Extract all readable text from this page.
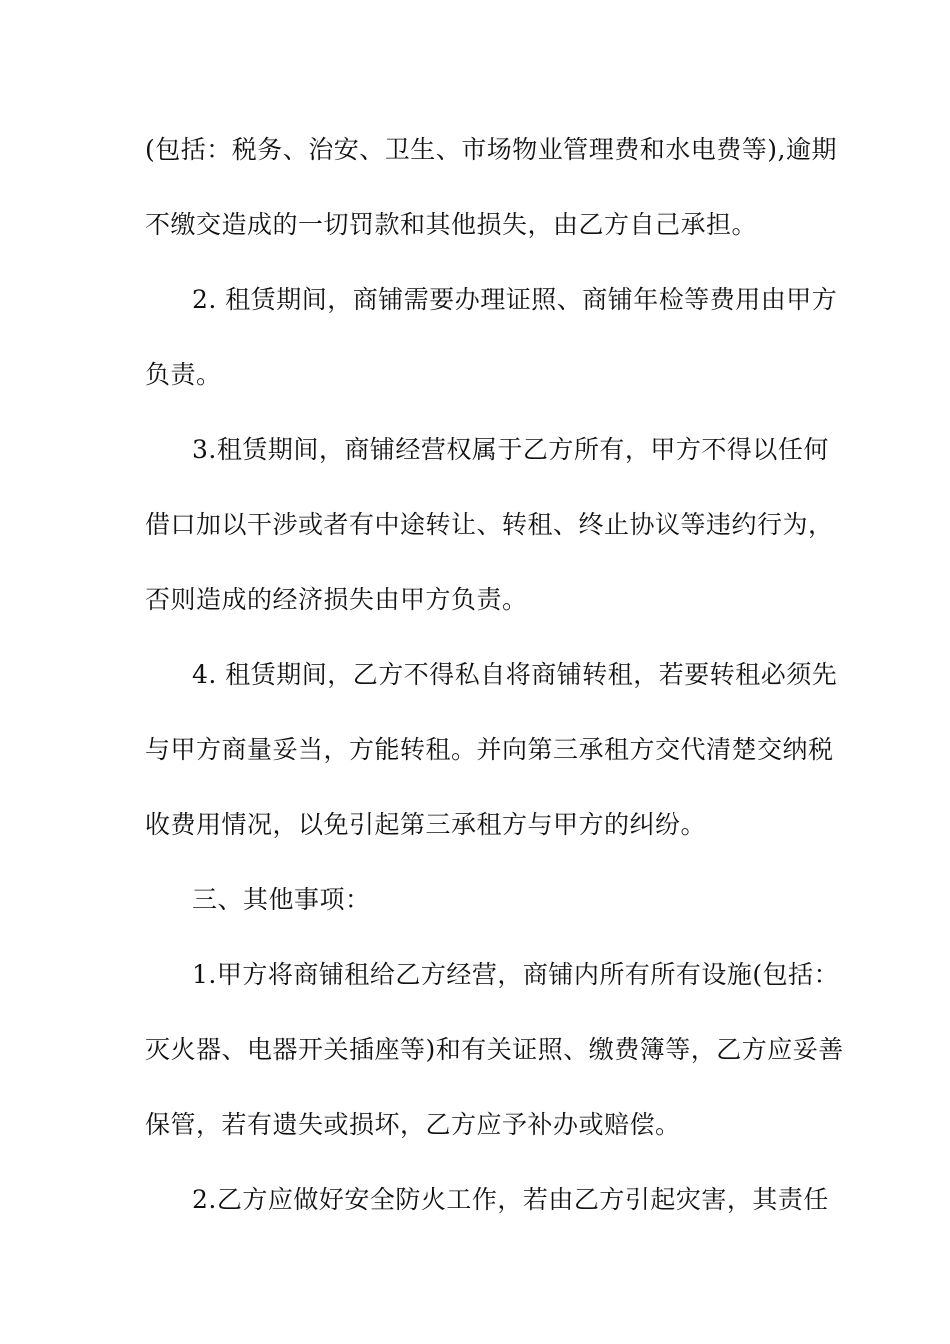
(包括：税务、治安、卫生、市场物业管理费和水电费等),逾期
不缴交造成的一切罚款和其他损失，由乙方自己承担。
2. 租赁期间，商铺需要办理证照、商铺年检等费用由甲方
负责。
3.租赁期间，商铺经营权属于乙方所有，甲方不得以任何
借口加以干涉或者有中途转让、转租、终止协议等违约行为，
否则造成的经济损失由甲方负责。
4. 租赁期间，乙方不得私自将商铺转租，若要转租必须先
与甲方商量妥当，方能转租。并向第三承租方交代清楚交纳税
收费用情况，以免引起第三承租方与甲方的纠纷。
三、其他事项：
1.甲方将商铺租给乙方经营，商铺内所有所有设施(包括：
灭火器、电器开关插座等)和有关证照、缴费簿等，乙方应妥善
保管，若有遗失或损坏，乙方应予补办或赔偿。
2.乙方应做好安全防火工作，若由乙方引起灾害，其责任
